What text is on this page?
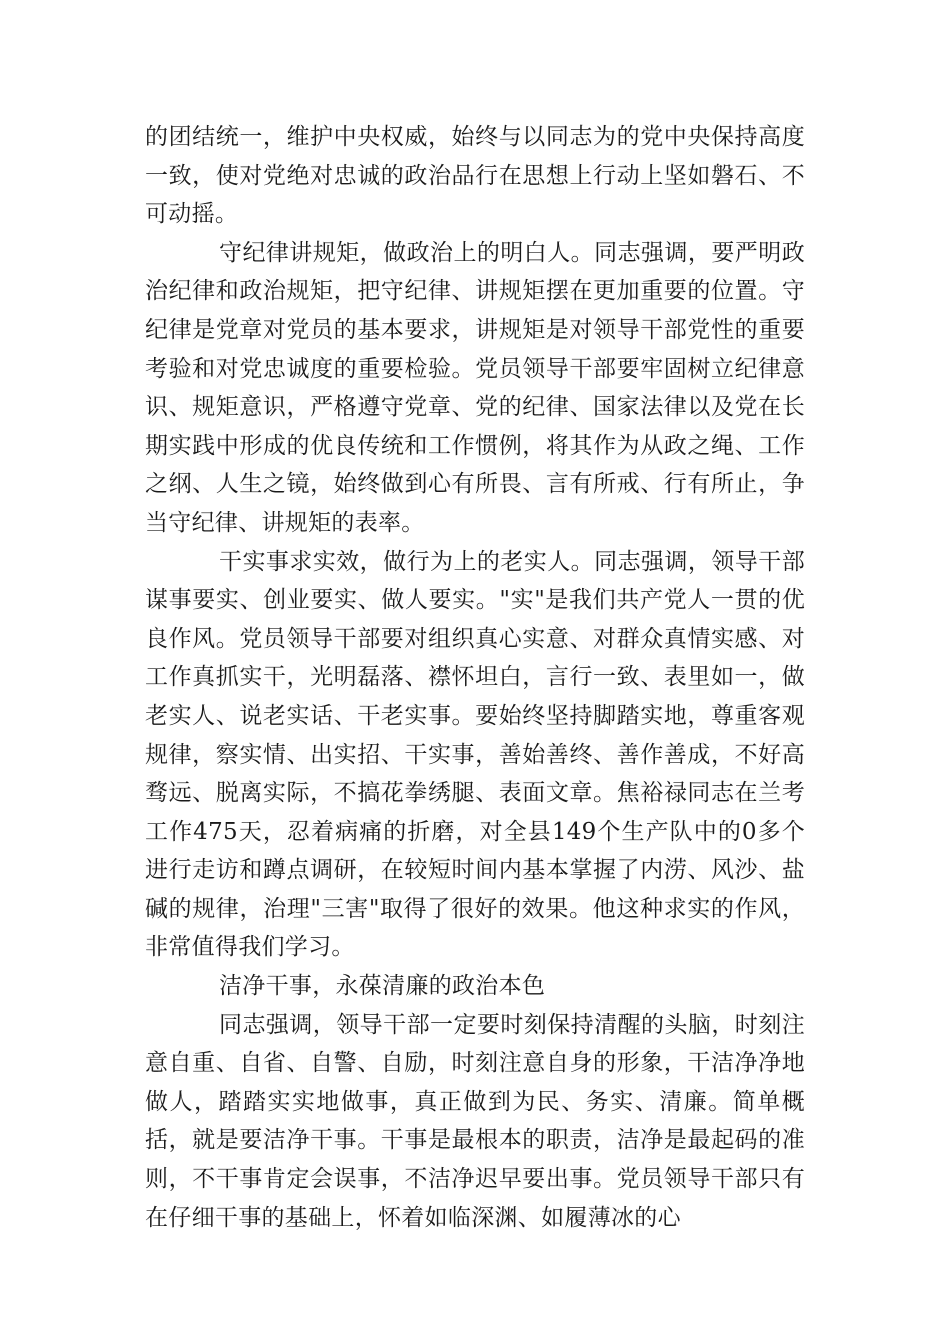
的团结统一，维护中央权威，始终与以同志为的党中央保持高度一致，使对党绝对忠诚的政治品行在思想上行动上坚如磐石、不可动摇。

守纪律讲规矩，做政治上的明白人。同志强调，要严明政治纪律和政治规矩，把守纪律、讲规矩摆在更加重要的位置。守纪律是党章对党员的基本要求，讲规矩是对领导干部党性的重要考验和对党忠诚度的重要检验。党员领导干部要牢固树立纪律意识、规矩意识，严格遵守党章、党的纪律、国家法律以及党在长期实践中形成的优良传统和工作惯例，将其作为从政之绳、工作之纲、人生之镜，始终做到心有所畏、言有所戒、行有所止，争当守纪律、讲规矩的表率。

干实事求实效，做行为上的老实人。同志强调，领导干部谋事要实、创业要实、做人要实。"实"是我们共产党人一贯的优良作风。党员领导干部要对组织真心实意、对群众真情实感、对工作真抓实干，光明磊落、襟怀坦白，言行一致、表里如一，做老实人、说老实话、干老实事。要始终坚持脚踏实地，尊重客观规律，察实情、出实招、干实事，善始善终、善作善成，不好高骛远、脱离实际，不搞花拳绣腿、表面文章。焦裕禄同志在兰考工作475天，忍着病痛的折磨，对全县149个生产队中的0多个进行走访和蹲点调研，在较短时间内基本掌握了内涝、风沙、盐碱的规律，治理"三害"取得了很好的效果。他这种求实的作风，非常值得我们学习。

洁净干事，永葆清廉的政治本色

同志强调，领导干部一定要时刻保持清醒的头脑，时刻注意自重、自省、自警、自励，时刻注意自身的形象，干洁净净地做人，踏踏实实地做事，真正做到为民、务实、清廉。简单概括，就是要洁净干事。干事是最根本的职责，洁净是最起码的准则，不干事肯定会误事，不洁净迟早要出事。党员领导干部只有在仔细干事的基础上，怀着如临深渊、如履薄冰的心
